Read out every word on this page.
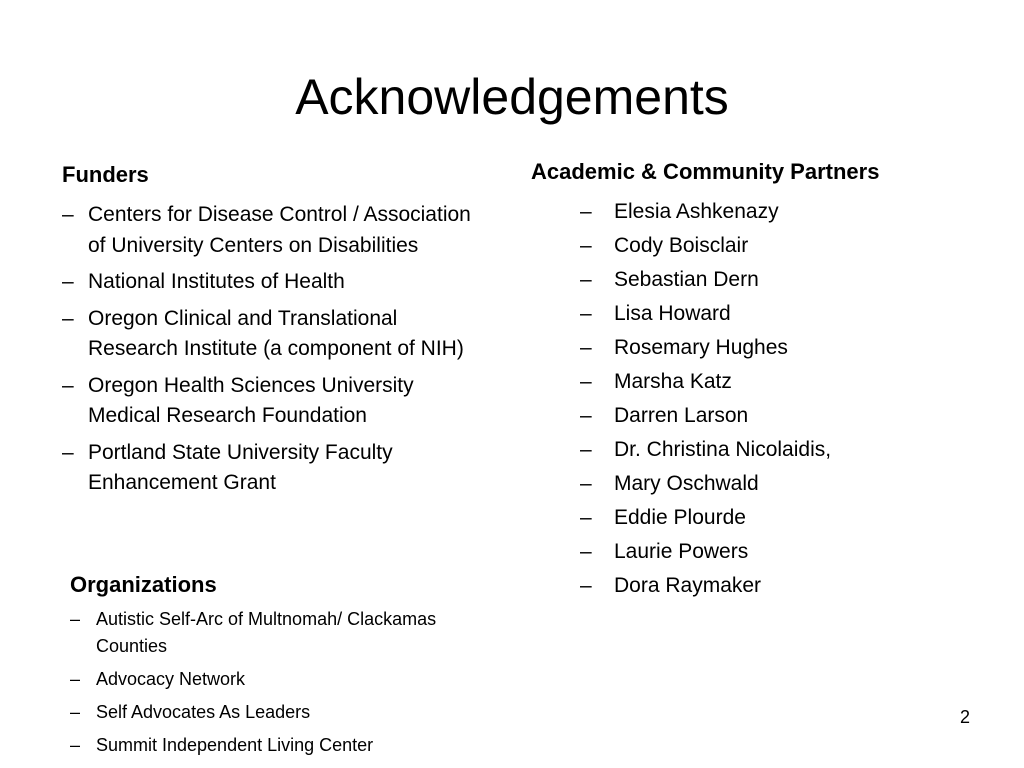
Acknowledgements
Funders
– Centers for Disease Control / Association of University Centers on Disabilities
– National Institutes of Health
– Oregon Clinical and Translational Research Institute (a component of NIH)
– Oregon Health Sciences University Medical Research Foundation
– Portland State University Faculty Enhancement Grant
Organizations
– Autistic Self-Arc of Multnomah/ Clackamas Counties
– Advocacy Network
– Self Advocates As Leaders
– Summit Independent Living Center
Academic & Community Partners
– Elesia Ashkenazy
– Cody Boisclair
– Sebastian Dern
– Lisa Howard
– Rosemary Hughes
– Marsha Katz
– Darren Larson
– Dr. Christina Nicolaidis,
– Mary Oschwald
– Eddie Plourde
– Laurie Powers
– Dora Raymaker
2
